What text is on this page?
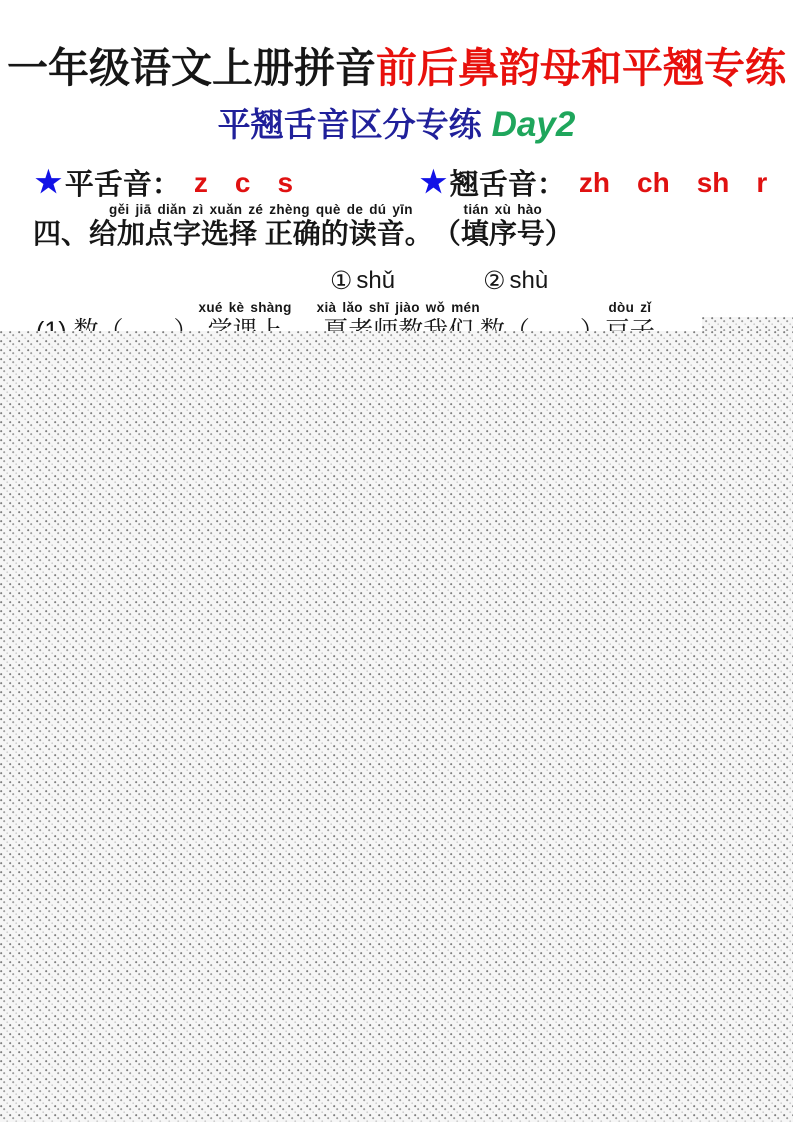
一年级语文上册拼音前后鼻韵母和平翘专练
平翘舌音区分专练 Day2
★ 平舌音： z c s	★ 翘舌音： zh ch sh r
四、
gěi jiā diǎn zì xuǎn zé zhèng què de dú yīn
给加点字选择 正确的读音。 （
tián xù hào
填序号 ）
① shǔ	② shù
xué kè shàng xià lǎo shī jiào wǒ mén	dòu zǐ
